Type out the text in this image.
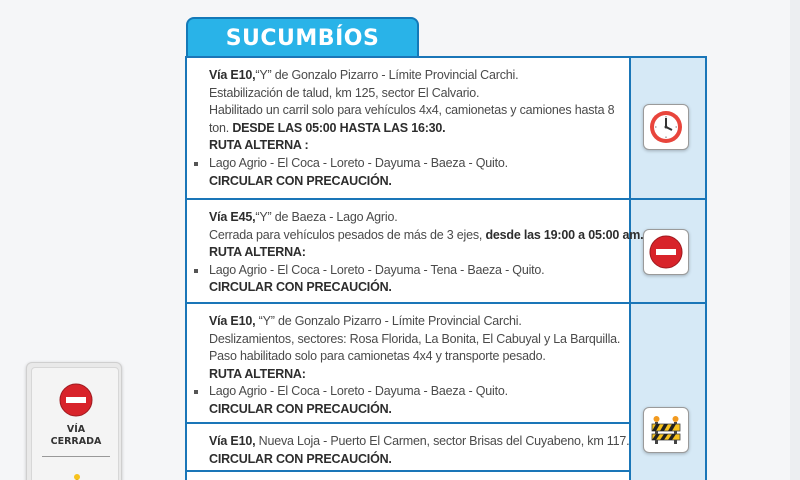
SUCUMBÍOS
Vía E10,“Y” de Gonzalo Pizarro - Límite Provincial Carchi.
Estabilización de talud, km 125, sector El Calvario.
Habilitado un carril solo para vehículos 4x4, camionetas y camiones hasta 8
ton. DESDE LAS 05:00 HASTA LAS 16:30.
RUTA ALTERNA :
Lago Agrio - El Coca - Loreto - Dayuma - Baeza - Quito.
CIRCULAR CON PRECAUCIÓN.
Vía E45,“Y” de Baeza - Lago Agrio.
Cerrada para vehículos pesados de más de 3 ejes, desde las 19:00 a 05:00 am.
RUTA ALTERNA:
Lago Agrio - El Coca - Loreto - Dayuma - Tena - Baeza - Quito.
CIRCULAR CON PRECAUCIÓN.
Vía E10, “Y” de Gonzalo Pizarro - Límite Provincial Carchi.
Deslizamientos, sectores: Rosa Florida, La Bonita, El Cabuyal y La Barquilla.
Paso habilitado solo para camionetas 4x4 y transporte pesado.
RUTA ALTERNA:
Lago Agrio - El Coca - Loreto - Dayuma - Baeza - Quito.
CIRCULAR CON PRECAUCIÓN.
Vía E10, Nueva Loja - Puerto El Carmen, sector Brisas del Cuyabeno, km 117.
CIRCULAR CON PRECAUCIÓN.
VÍA
CERRADA
